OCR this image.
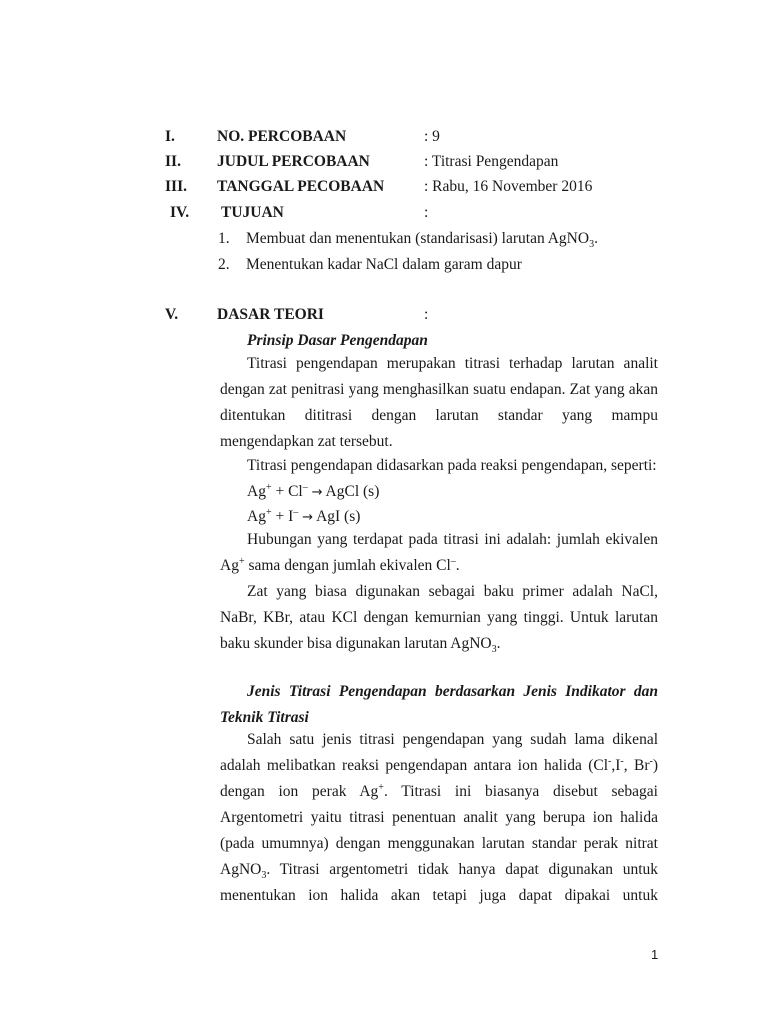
I.	NO. PERCOBAAN	: 9
II. JUDUL PERCOBAAN	: Titrasi Pengendapan
III. TANGGAL PECOBAAN	: Rabu, 16 November 2016
IV. TUJUAN	:
1. Membuat dan menentukan (standarisasi) larutan AgNO$_3$.
2. Menentukan kadar NaCl dalam garam dapur
V.	DASAR TEORI	:
Prinsip Dasar Pengendapan
Titrasi pengendapan merupakan titrasi terhadap larutan analit
dengan zat penitrasi yang menghasilkan suatu endapan. Zat yang akan
ditentukan dititrasi dengan larutan standar yang mampu
mengendapkan zat tersebut.
Titrasi pengendapan didasarkan pada reaksi pengendapan, seperti:
Ag+ + Cl– → AgCl (s)
Ag+ + I– → AgI (s)
Hubungan yang terdapat pada titrasi ini adalah: jumlah ekivalen
Ag+ sama dengan jumlah ekivalen Cl–.
Zat yang biasa digunakan sebagai baku primer adalah NaCl,
NaBr, KBr, atau KCl dengan kemurnian yang tinggi. Untuk larutan
baku skunder bisa digunakan larutan AgNO$_3$.
Jenis Titrasi Pengendapan berdasarkan Jenis Indikator dan
Teknik Titrasi
Salah satu jenis titrasi pengendapan yang sudah lama dikenal
adalah melibatkan reaksi pengendapan antara ion halida (Cl-,I-, Br-)
dengan ion perak Ag+. Titrasi ini biasanya disebut sebagai
Argentometri yaitu titrasi penentuan analit yang berupa ion halida
(pada umumnya) dengan menggunakan larutan standar perak nitrat
AgNO$_3$. Titrasi argentometri tidak hanya dapat digunakan untuk
menentukan ion halida akan tetapi juga dapat dipakai untuk
1
